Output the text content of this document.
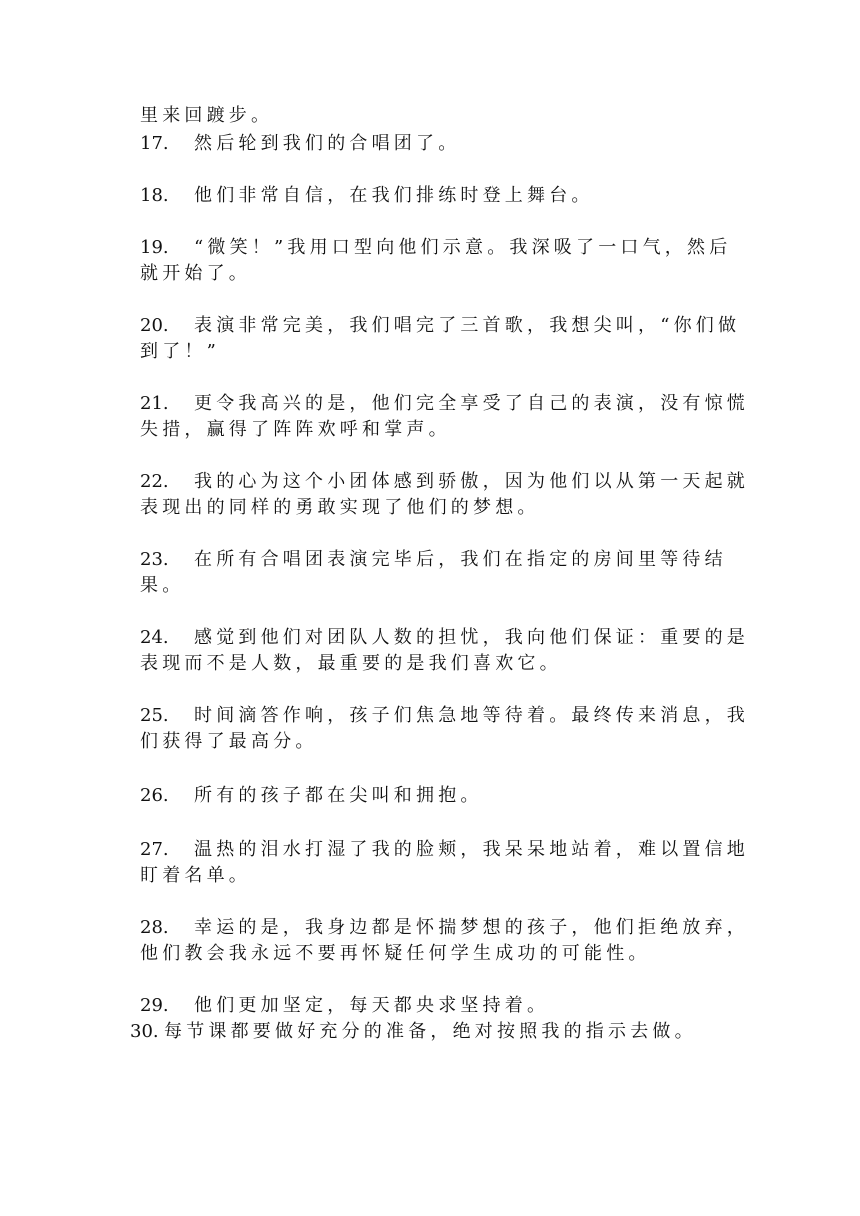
里来回踱步。
17. 然后轮到我们的合唱团了。
18. 他们非常自信，在我们排练时登上舞台。
19. “微笑！”我用口型向他们示意。我深吸了一口气，然后
就开始了。
20. 表演非常完美，我们唱完了三首歌，我想尖叫，“你们做
到了！”
21. 更令我高兴的是，他们完全享受了自己的表演，没有惊慌
失措，赢得了阵阵欢呼和掌声。
22. 我的心为这个小团体感到骄傲，因为他们以从第一天起就
表现出的同样的勇敢实现了他们的梦想。
23. 在所有合唱团表演完毕后，我们在指定的房间里等待结
果。
24. 感觉到他们对团队人数的担忧，我向他们保证：重要的是
表现而不是人数，最重要的是我们喜欢它。
25. 时间滴答作响，孩子们焦急地等待着。最终传来消息，我
们获得了最高分。
26. 所有的孩子都在尖叫和拥抱。
27. 温热的泪水打湿了我的脸颊，我呆呆地站着，难以置信地
盯着名单。
28. 幸运的是，我身边都是怀揣梦想的孩子，他们拒绝放弃，
他们教会我永远不要再怀疑任何学生成功的可能性。
29. 他们更加坚定，每天都央求坚持着。
30. 每节课都要做好充分的准备，绝对按照我的指示去做。
